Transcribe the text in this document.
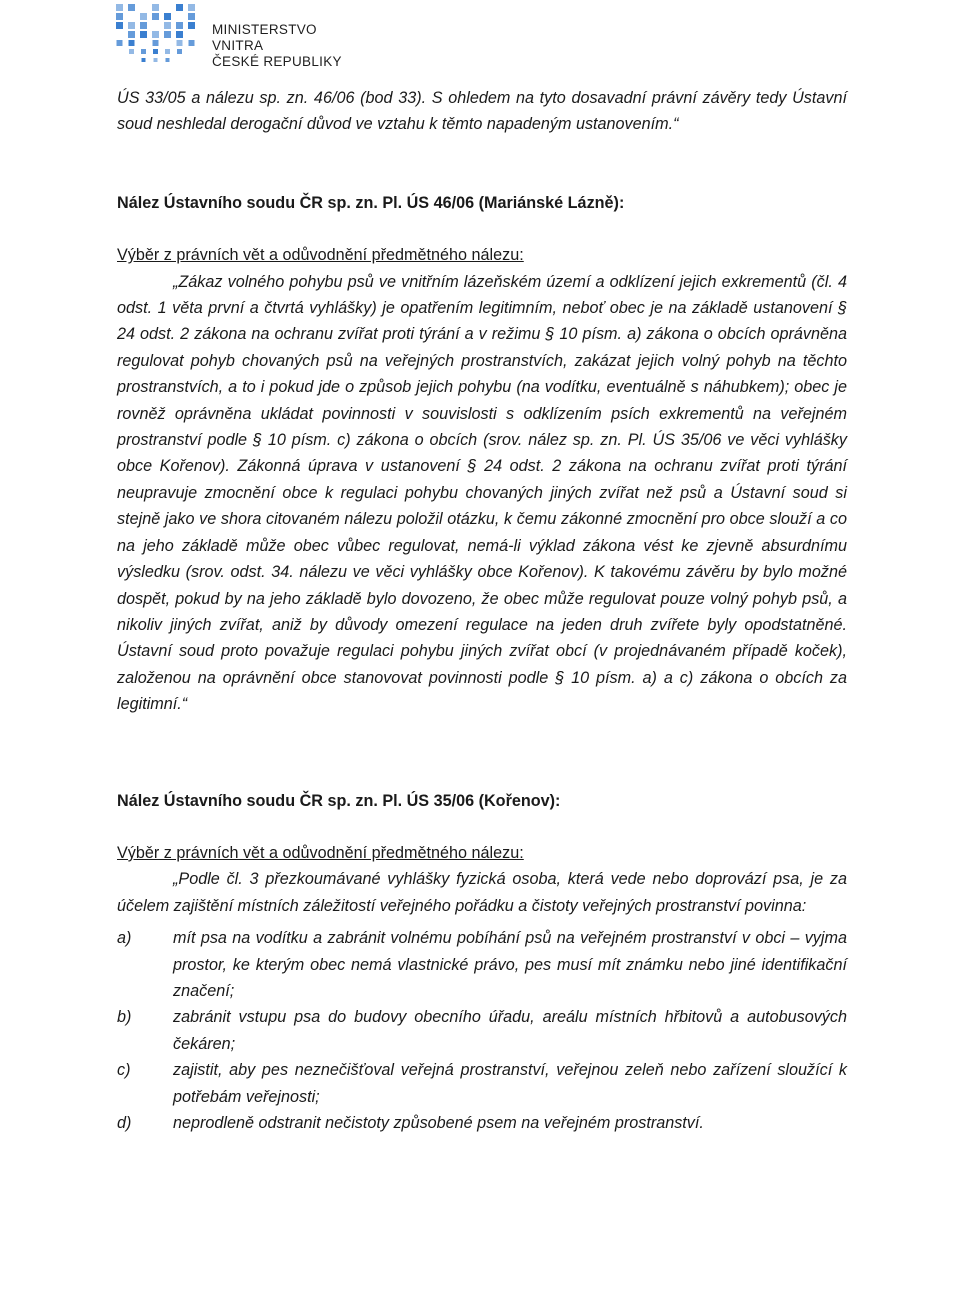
MINISTERSTVO VNITRA
ČESKÉ REPUBLIKY

ÚS 33/05 a nálezu sp. zn. 46/06 (bod 33). S ohledem na tyto dosavadní právní závěry tedy Ústavní soud neshledal derogační důvod ve vztahu k těmto napadeným ustanovením.“

Nález Ústavního soudu ČR sp. zn. Pl. ÚS 46/06 (Mariánské Lázně):

Výběr z právních vět a odůvodnění předmětného nálezu:

„Zákaz volného pohybu psů ve vnitřním lázeňském území a odklízení jejich exkrementů (čl. 4 odst. 1 věta první a čtvrtá vyhlášky) je opatřením legitimním, neboť obec je na základě ustanovení § 24 odst. 2 zákona na ochranu zvířat proti týrání a v režimu § 10 písm. a) zákona o obcích oprávněna regulovat pohyb chovaných psů na veřejných prostranstvích, zakázat jejich volný pohyb na těchto prostranstvích, a to i pokud jde o způsob jejich pohybu (na vodítku, eventuálně s náhubkem); obec je rovněž oprávněna ukládat povinnosti v souvislosti s odklízením psích exkrementů na veřejném prostranství podle § 10 písm. c) zákona o obcích (srov. nález sp. zn. Pl. ÚS 35/06 ve věci vyhlášky obce Kořenov). Zákonná úprava v ustanovení § 24 odst. 2 zákona na ochranu zvířat proti týrání neupravuje zmocnění obce k regulaci pohybu chovaných jiných zvířat než psů a Ústavní soud si stejně jako ve shora citovaném nálezu položil otázku, k čemu zákonné zmocnění pro obce slouží a co na jeho základě může obec vůbec regulovat, nemá-li výklad zákona vést ke zjevně absurdnímu výsledku (srov. odst. 34. nálezu ve věci vyhlášky obce Kořenov). K takovému závěru by bylo možné dospět, pokud by na jeho základě bylo dovozeno, že obec může regulovat pouze volný pohyb psů, a nikoliv jiných zvířat, aniž by důvody omezení regulace na jeden druh zvířete byly opodstatněné. Ústavní soud proto považuje regulaci pohybu jiných zvířat obcí (v projednávaném případě koček), založenou na oprávnění obce stanovovat povinnosti podle § 10 písm. a) a c) zákona o obcích za legitimní.“

Nález Ústavního soudu ČR sp. zn. Pl. ÚS 35/06 (Kořenov):

Výběr z právních vět a odůvodnění předmětného nálezu:

„Podle čl. 3 přezkoumávané vyhlášky fyzická osoba, která vede nebo doprovází psa, je za účelem zajištění místních záležitostí veřejného pořádku a čistoty veřejných prostranství povinna:

a)	mít psa na vodítku a zabránit volnému pobíhání psů na veřejném prostranství v obci – vyjma prostor, ke kterým obec nemá vlastnické právo, pes musí mít známku nebo jiné identifikační značení;
b)	zabránit vstupu psa do budovy obecního úřadu, areálu místních hřbitovů a autobusových čekáren;
c)	zajistit, aby pes neznečišťoval veřejná prostranství, veřejnou zeleň nebo zařízení sloužící k potřebám veřejnosti;
d)	neprodleně odstranit nečistoty způsobené psem na veřejném prostranství.
